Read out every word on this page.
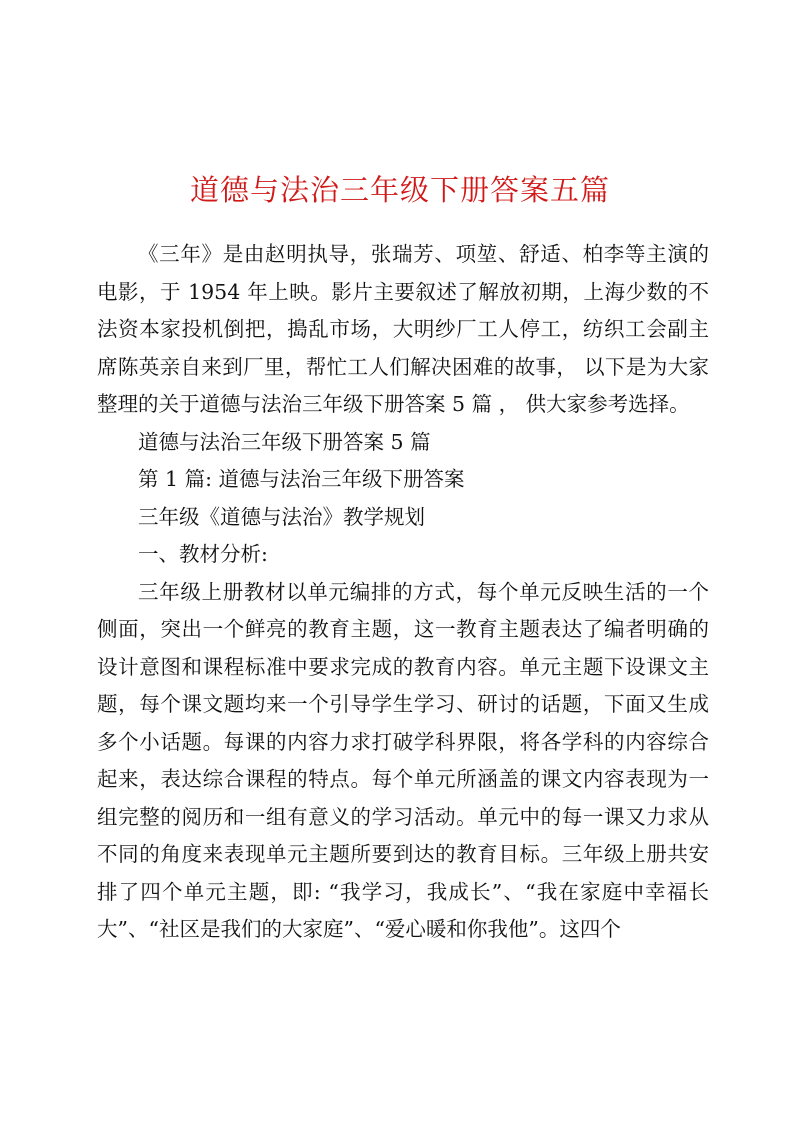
道德与法治三年级下册答案五篇

《三年》是由赵明执导，张瑞芳、项堃、舒适、柏李等主演的电影，于 1954 年上映。影片主要叙述了解放初期，上海少数的不法资本家投机倒把，搗乱市场，大明纱厂工人停工，纺织工会副主席陈英亲自来到厂里，帮忙工人们解决困难的故事， 以下是为大家整理的关于道德与法治三年级下册答案 5 篇 ， 供大家参考选择。

道德与法治三年级下册答案 5 篇

第 1 篇: 道德与法治三年级下册答案

三年级《道德与法治》教学规划

一、教材分析:

三年级上册教材以单元编排的方式，每个单元反映生活的一个侧面，突出一个鲜亮的教育主题，这一教育主题表达了编者明确的设计意图和课程标准中要求完成的教育内容。单元主题下设课文主题，每个课文题均来一个引导学生学习、研讨的话题，下面又生成多个小话题。每课的内容力求打破学科界限，将各学科的内容综合起来，表达综合课程的特点。每个单元所涵盖的课文内容表现为一组完整的阅历和一组有意义的学习活动。单元中的每一课又力求从不同的角度来表现单元主题所要到达的教育目标。三年级上册共安排了四个单元主题，即: “我学习，我成长”、“我在家庭中幸福长大”、“社区是我们的大家庭”、“爱心暖和你我他”。这四个
